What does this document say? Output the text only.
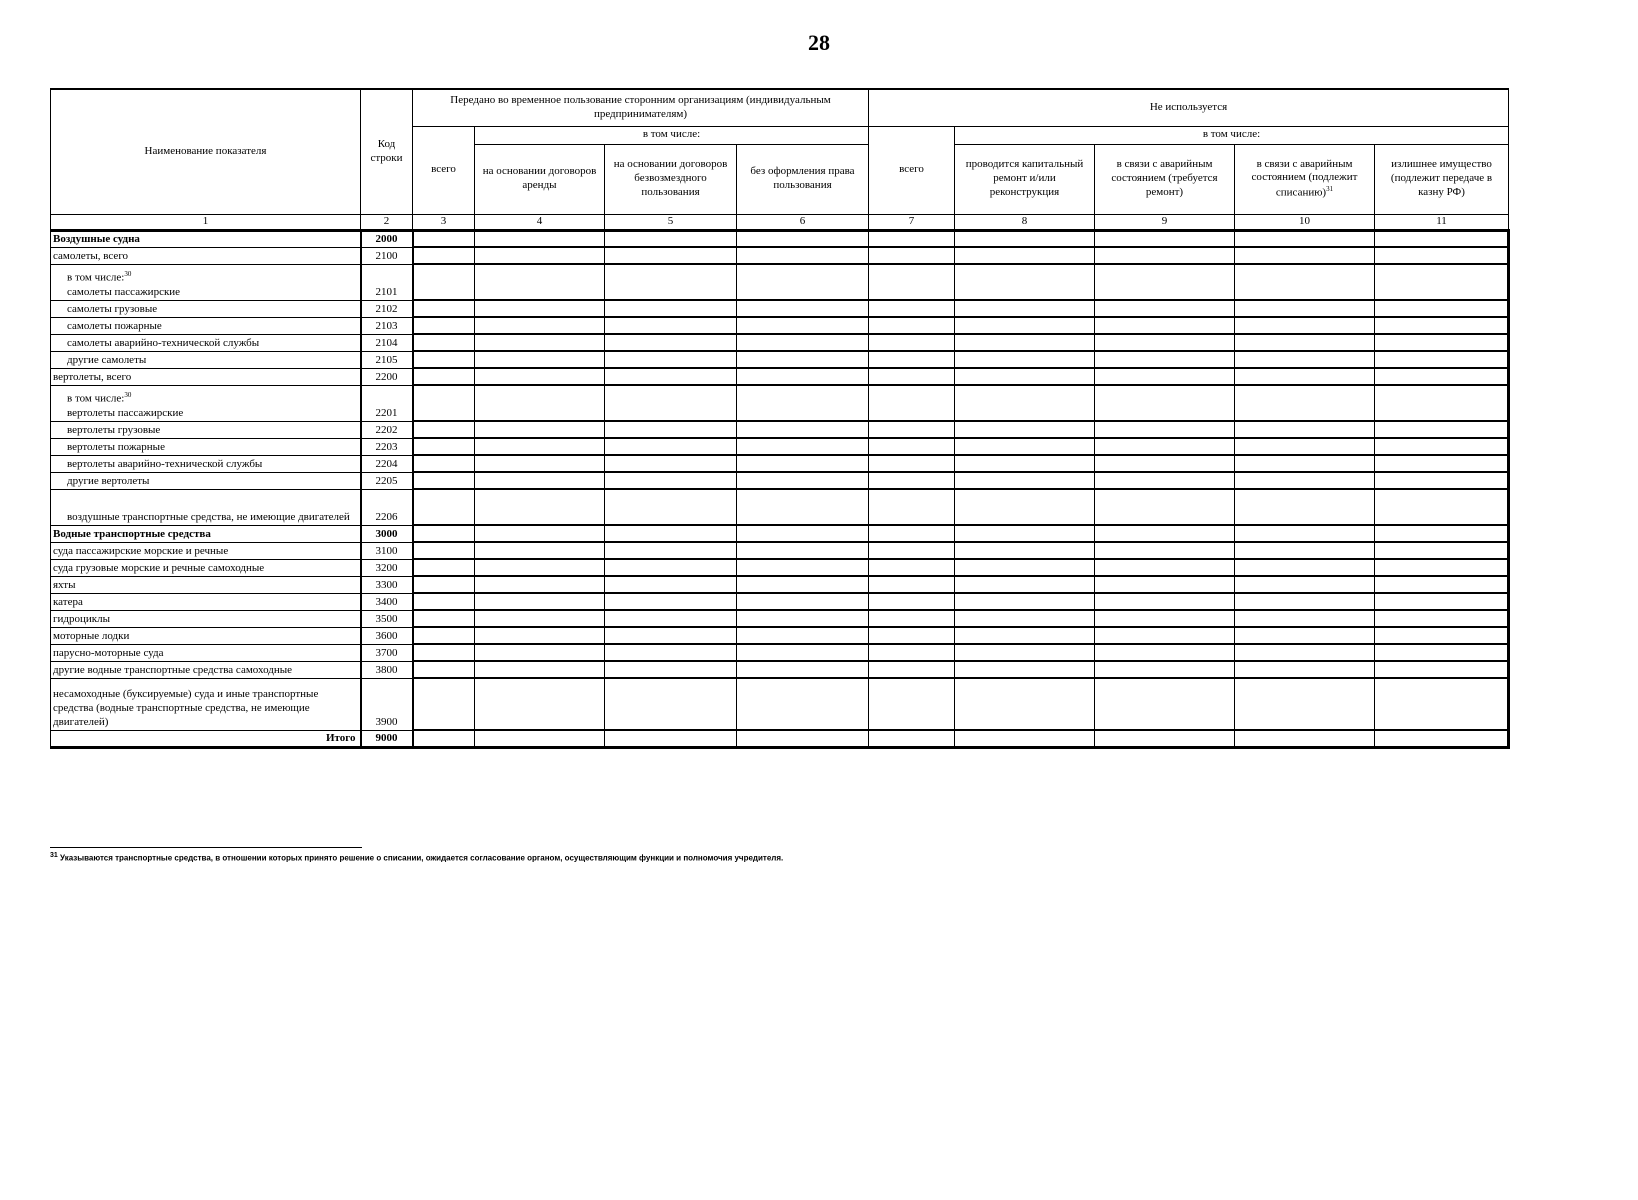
28
Наименование показателя	Код строки	Передано во временное пользование сторонним организациям (индивидуальным предпринимателям)				Не используется				
		всего	в том числе:			всего	в том числе:			
			на основании договоров аренды	на основании договоров безвозмездного пользования	без оформления права пользования		проводится капитальный ремонт и/или реконструкция	в связи с аварийным состоянием (требуется ремонт)	в связи с аварийным состоянием (подлежит списанию)$^{31}$	излишнее имущество (подлежит передаче в казну РФ)
1	2	3	4	5	6	7	8	9	10	11
Воздушные судна	2000									
самолеты, всего	2100									

в том числе:$^{30}$
самолеты пассажирские	2101									
самолеты грузовые	2102									
самолеты пожарные	2103									
самолеты аварийно-технической службы	2104									
другие самолеты	2105									
вертолеты, всего	2200									

в том числе:$^{30}$
вертолеты пассажирские	2201									
вертолеты грузовые	2202									
вертолеты пожарные	2203									
вертолеты аварийно-технической службы	2204									
другие вертолеты	2205									
воздушные транспортные средства, не имеющие двигателей	2206									
Водные транспортные средства	3000									
суда пассажирские морские и речные	3100									
суда грузовые морские и речные самоходные	3200									
яхты	3300									
катера	3400									
гидроциклы	3500									
моторные лодки	3600									
парусно-моторные суда	3700									
другие водные транспортные средства самоходные	3800									
несамоходные (буксируемые) суда и иные транспортные средства (водные транспортные средства, не имеющие двигателей)	3900									
Итого	9000									
$^{31}$ Указываются транспортные средства, в отношении которых принято решение о списании, ожидается согласование органом, осуществляющим функции и полномочия учредителя.
